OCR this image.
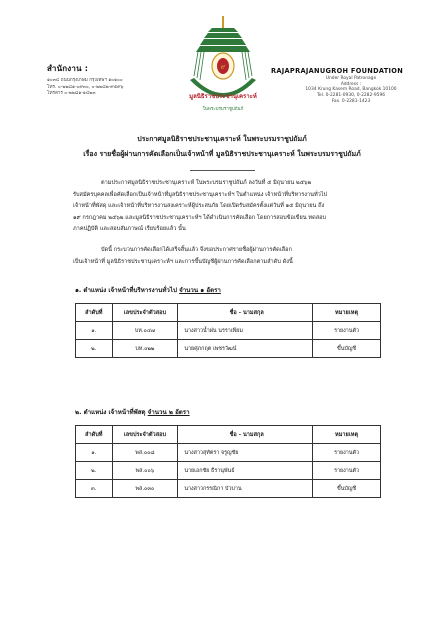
สำนักงาน :
๑๐๓๔ ถนนกรุงเกษม กรุงเทพฯ ๑๐๑๐๐
โทร. ๐-๒๒๘๑-๐๙๓๐, ๐-๒๒๘๒-๙๕๙๖
โทรสาร ๐-๒๒๘๑-๑๔๒๓
๙
มูลนิธิราชประชานุเคราะห์
ในพระบรมราชูปถัมภ์
RAJAPRAJANUGROH FOUNDATION
Under Royal Patronage
Address :
1034 Krung Kasem Road, Bangkok 10100
Tel. 0-2281-0930, 0-2282-9596
Fax. 0-2281-1423
ประกาศมูลนิธิราชประชานุเคราะห์ ในพระบรมราชูปถัมภ์
เรื่อง รายชื่อผู้ผ่านการคัดเลือกเป็นเจ้าหน้าที่ มูลนิธิราชประชานุเคราะห์ ในพระบรมราชูปถัมภ์
ตามประกาศมูลนิธิราชประชานุเคราะห์ ในพระบรมราชูปถัมภ์ ลงวันที่ ๕ มิถุนายน ๒๕๖๒
รับสมัครบุคคลเพื่อคัดเลือกเป็นเจ้าหน้าที่มูลนิธิราชประชานุเคราะห์ฯ ในตำแหน่ง เจ้าหน้าที่บริหารงานทั่วไป
เจ้าหน้าที่พัสดุ และเจ้าหน้าที่บริหารงานสงเคราะห์ผู้ประสบภัย โดยเปิดรับสมัครตั้งแต่วันที่ ๑๕ มิถุนายน ถึง
๑๙ กรกฎาคม ๒๕๖๒ และมูลนิธิราชประชานุเคราะห์ฯ ได้ดำเนินการคัดเลือก โดยการสอบข้อเขียน ทดสอบ
ภาคปฏิบัติ และสอบสัมภาษณ์ เรียบร้อยแล้ว นั้น
บัดนี้ กระบวนการคัดเลือกได้เสร็จสิ้นแล้ว จึงขอประกาศรายชื่อผู้ผ่านการคัดเลือก
เป็นเจ้าหน้าที่ มูลนิธิราชประชานุเคราะห์ฯ และการขึ้นบัญชีผู้ผ่านการคัดเลือกตามลำดับ ดังนี้
๑. ตำแหน่ง เจ้าหน้าที่บริหารงานทั่วไป จำนวน ๑ อัตรา
ลำดับที่	เลขประจำตัวสอบ	ชื่อ - นามสกุล	หมายเหตุ
๑.	บห.๐๔๗	นางสาวน้ำฝน นรราเพียม	รายงานตัว
๒.	บห.๐๒๒	นายศุภกฤต เพชรวัฒน์	ขึ้นบัญชี
๒. ตำแหน่ง เจ้าหน้าที่พัสดุ จำนวน ๒ อัตรา
ลำดับที่	เลขประจำตัวสอบ	ชื่อ - นามสกุล	หมายเหตุ
๑.	พส.๐๐๘	นางสาวสุทัตรา จรูญชัย	รายงานตัว
๒.	พส.๐๐๖	นายเอกชัย ธีรานุพันธ์	รายงานตัว
๓.	พส.๐๓๐	นางสาวกรรณิกา บัวบาน	ขึ้นบัญชี
